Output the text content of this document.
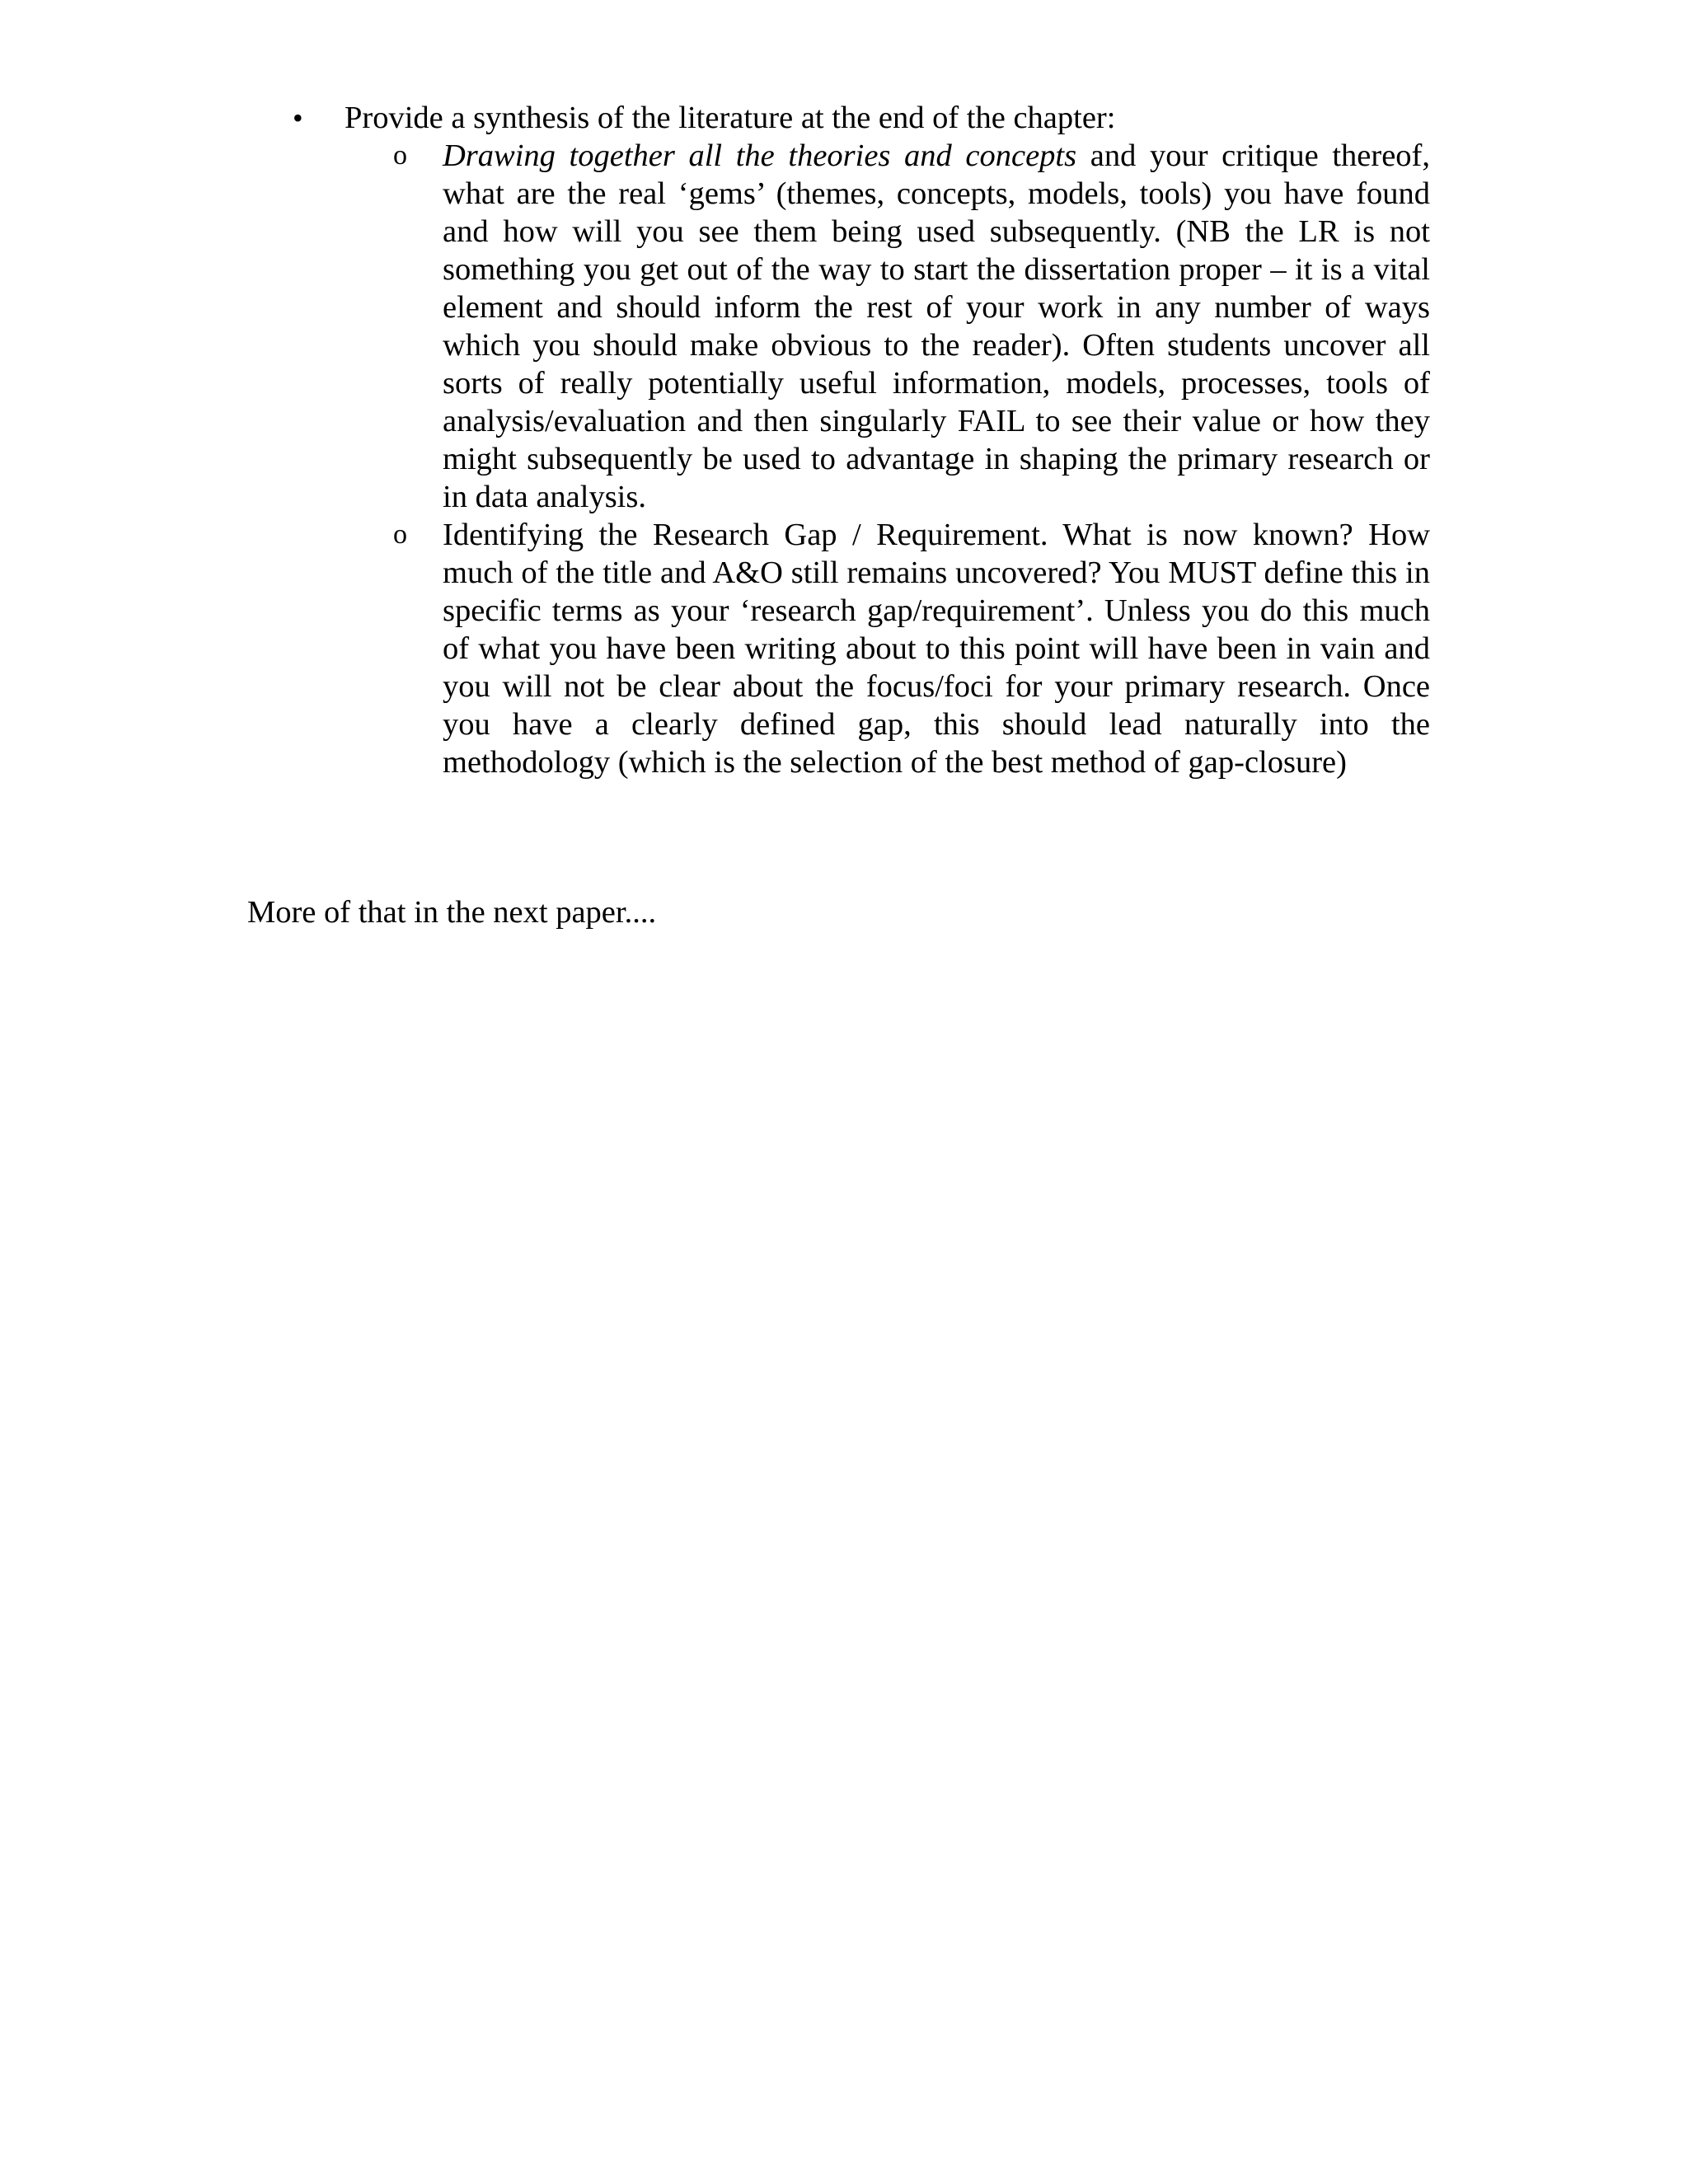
•	Provide a synthesis of the literature at the end of the chapter:

o Drawing together all the theories and concepts and your critique thereof, what are the real ‘gems’ (themes, concepts, models, tools) you have found and how will you see them being used subsequently. (NB the LR is not something you get out of the way to start the dissertation proper – it is a vital element and should inform the rest of your work in any number of ways which you should make obvious to the reader). Often students uncover all sorts of really potentially useful information, models, processes, tools of analysis/evaluation and then singularly FAIL to see their value or how they might subsequently be used to advantage in shaping the primary research or in data analysis.

o Identifying the Research Gap / Requirement. What is now known? How much of the title and A&O still remains uncovered? You MUST define this in specific terms as your ‘research gap/requirement’. Unless you do this much of what you have been writing about to this point will have been in vain and you will not be clear about the focus/foci for your primary research. Once you have a clearly defined gap, this should lead naturally into the methodology (which is the selection of the best method of gap-closure)

More of that in the next paper....
